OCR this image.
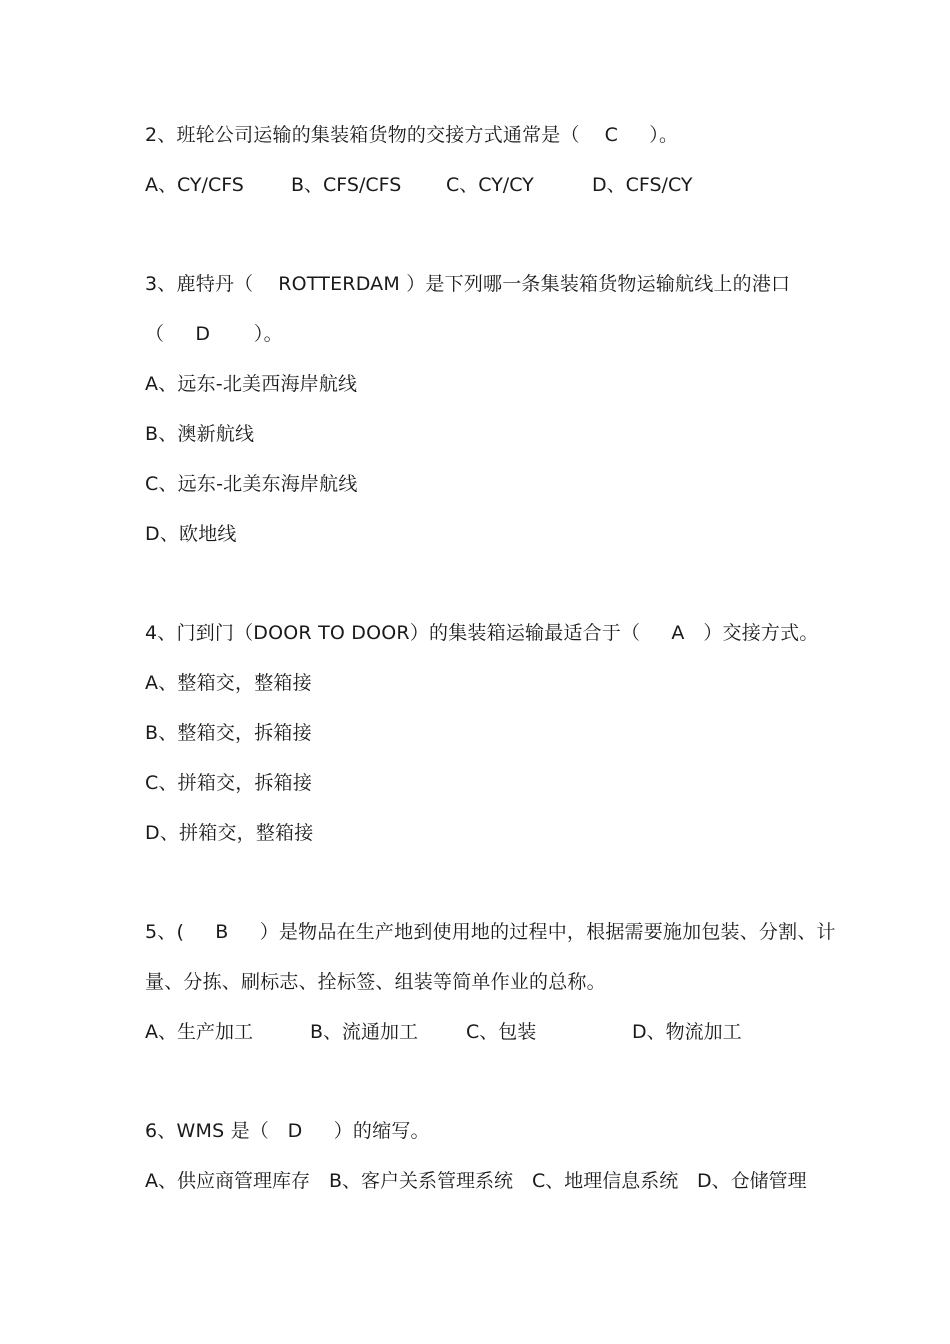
2、班轮公司运输的集装箱货物的交接方式通常是（    C     ）。

A、CY/CFS

B、CFS/CFS

C、CY/CY

	D、CFS/CY

3、鹿特丹（    ROTTERDAM ）是下列哪一条集装箱货物运输航线上的港口
（     D       ）。
A、远东-北美西海岸航线
B、澳新航线
C、远东-北美东海岸航线
D、欧地线
4、门到门（DOOR TO DOOR）的集装箱运输最适合于（     A   ）交接方式。
A、整箱交，整箱接
B、整箱交，拆箱接
C、拼箱交，拆箱接
D、拼箱交，整箱接
5、(     B     ）是物品在生产地到使用地的过程中，根据需要施加包装、分割、计
量、分拣、刷标志、拴标签、组装等简单作业的总称。

A、生产加工

	B、流通加工

	C、包装

	D、物流加工

6、WMS 是（   D     ）的缩写。

A、供应商管理库存

B、客户关系管理系统

C、地理信息系统

D、仓储管理
